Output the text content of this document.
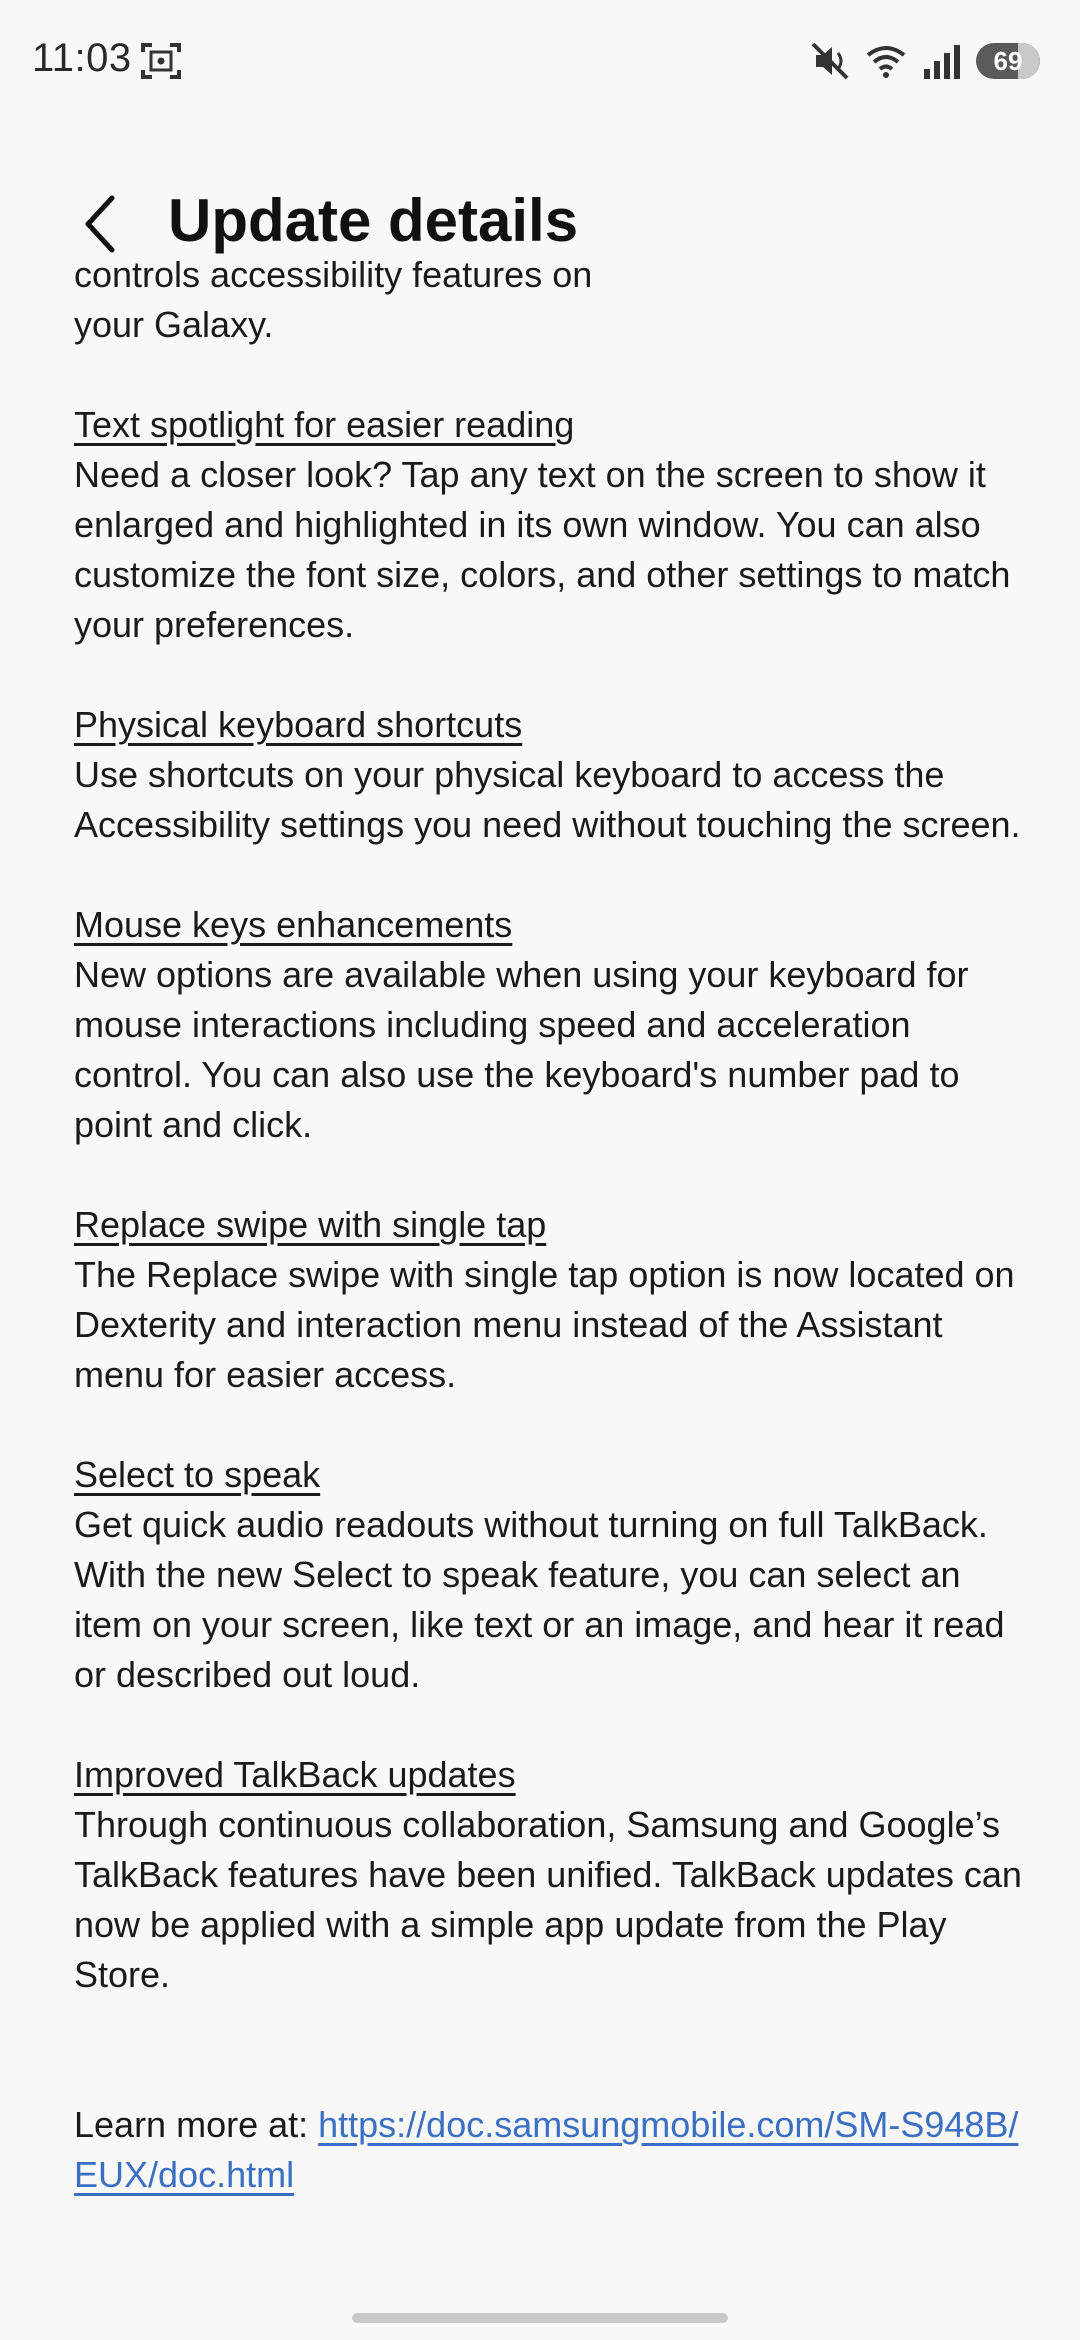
11:03	69
Update details
controls accessibility features on
your Galaxy.
Text spotlight for easier reading
Need a closer look? Tap any text on the screen to show it enlarged and highlighted in its own window. You can also customize the font size, colors, and other settings to match your preferences.
Physical keyboard shortcuts
Use shortcuts on your physical keyboard to access the Accessibility settings you need without touching the screen.
Mouse keys enhancements
New options are available when using your keyboard for mouse interactions including speed and acceleration control. You can also use the keyboard's number pad to point and click.
Replace swipe with single tap
The Replace swipe with single tap option is now located on Dexterity and interaction menu instead of the Assistant menu for easier access.
Select to speak
Get quick audio readouts without turning on full TalkBack. With the new Select to speak feature, you can select an item on your screen, like text or an image, and hear it read or described out loud.
Improved TalkBack updates
Through continuous collaboration, Samsung and Google’s TalkBack features have been unified. TalkBack updates can now be applied with a simple app update from the Play Store.
Learn more at: https://doc.samsungmobile.com/SM-S948B/EUX/doc.html
